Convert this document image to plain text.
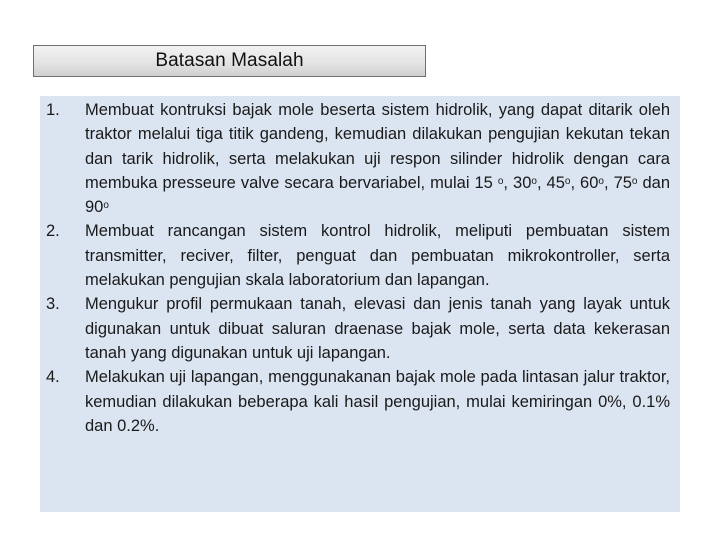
Batasan Masalah
1.	Membuat kontruksi bajak mole beserta sistem hidrolik, yang dapat ditarik oleh traktor melalui tiga titik gandeng, kemudian dilakukan pengujian kekutan tekan dan tarik hidrolik, serta melakukan uji respon silinder hidrolik dengan cara membuka presseure valve secara bervariabel, mulai 15 $^o$, 30$^o$, 45$^o$, 60$^o$, 75$^o$ dan 90$^o$
2.	Membuat rancangan sistem kontrol hidrolik, meliputi pembuatan sistem transmitter, reciver, filter, penguat dan pembuatan mikrokontroller, serta melakukan pengujian skala laboratorium dan lapangan.
3.	Mengukur profil permukaan tanah, elevasi dan jenis tanah yang layak untuk digunakan untuk dibuat saluran draenase bajak mole, serta data kekerasan tanah yang digunakan untuk uji lapangan.
4.	Melakukan uji lapangan, menggunakanan bajak mole pada lintasan jalur traktor, kemudian dilakukan beberapa kali hasil pengujian, mulai kemiringan 0%, 0.1% dan 0.2%.
